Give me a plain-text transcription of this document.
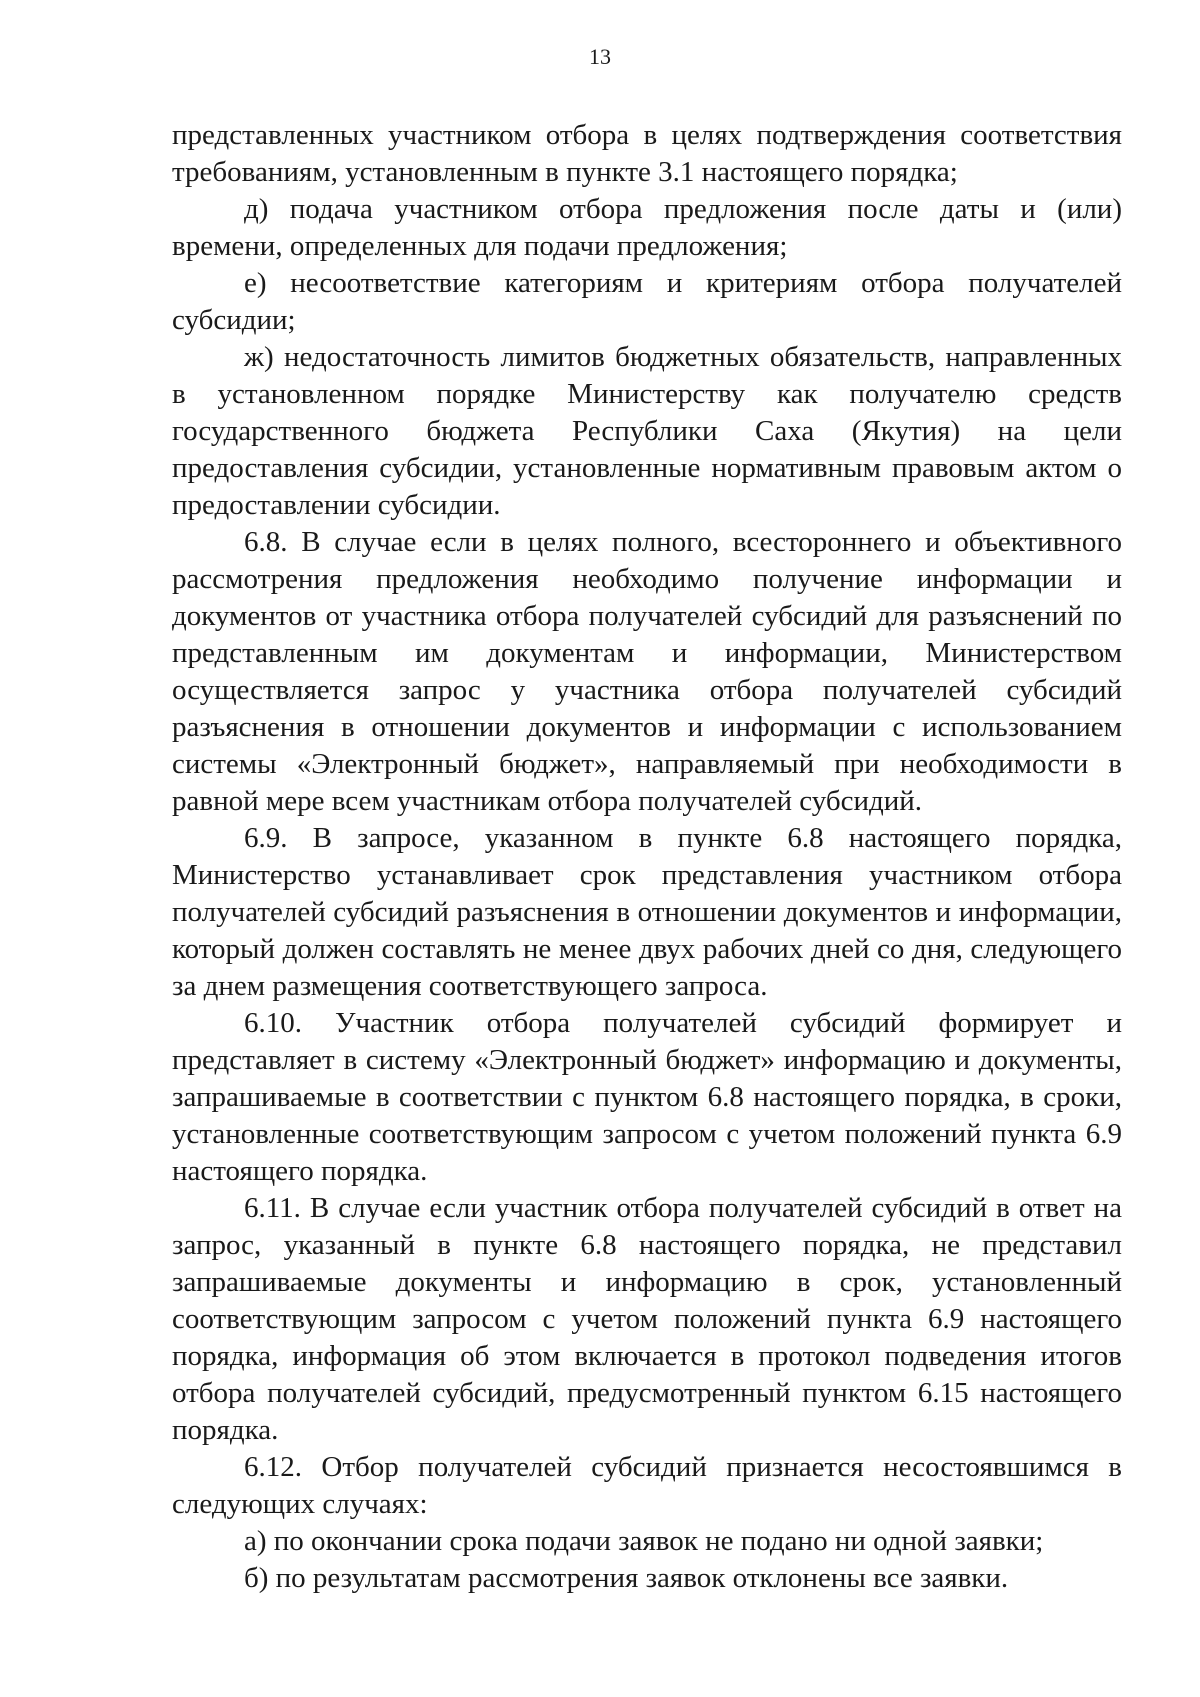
13

представленных участником отбора в целях подтверждения соответствия требованиям, установленным в пункте 3.1 настоящего порядка;

д) подача участником отбора предложения после даты и (или) времени, определенных для подачи предложения;

е) несоответствие категориям и критериям отбора получателей субсидии;

ж) недостаточность лимитов бюджетных обязательств, направленных в установленном порядке Министерству как получателю средств государственного бюджета Республики Саха (Якутия) на цели предоставления субсидии, установленные нормативным правовым актом о предоставлении субсидии.

6.8. В случае если в целях полного, всестороннего и объективного рассмотрения предложения необходимо получение информации и документов от участника отбора получателей субсидий для разъяснений по представленным им документам и информации, Министерством осуществляется запрос у участника отбора получателей субсидий разъяснения в отношении документов и информации с использованием системы «Электронный бюджет», направляемый при необходимости в равной мере всем участникам отбора получателей субсидий.

6.9. В запросе, указанном в пункте 6.8 настоящего порядка, Министерство устанавливает срок представления участником отбора получателей субсидий разъяснения в отношении документов и информации, который должен составлять не менее двух рабочих дней со дня, следующего за днем размещения соответствующего запроса.

6.10. Участник отбора получателей субсидий формирует и представляет в систему «Электронный бюджет» информацию и документы, запрашиваемые в соответствии с пунктом 6.8 настоящего порядка, в сроки, установленные соответствующим запросом с учетом положений пункта 6.9 настоящего порядка.

6.11. В случае если участник отбора получателей субсидий в ответ на запрос, указанный в пункте 6.8 настоящего порядка, не представил запрашиваемые документы и информацию в срок, установленный соответствующим запросом с учетом положений пункта 6.9 настоящего порядка, информация об этом включается в протокол подведения итогов отбора получателей субсидий, предусмотренный пунктом 6.15 настоящего порядка.

6.12. Отбор получателей субсидий признается несостоявшимся в следующих случаях:

а) по окончании срока подачи заявок не подано ни одной заявки;

б) по результатам рассмотрения заявок отклонены все заявки.
